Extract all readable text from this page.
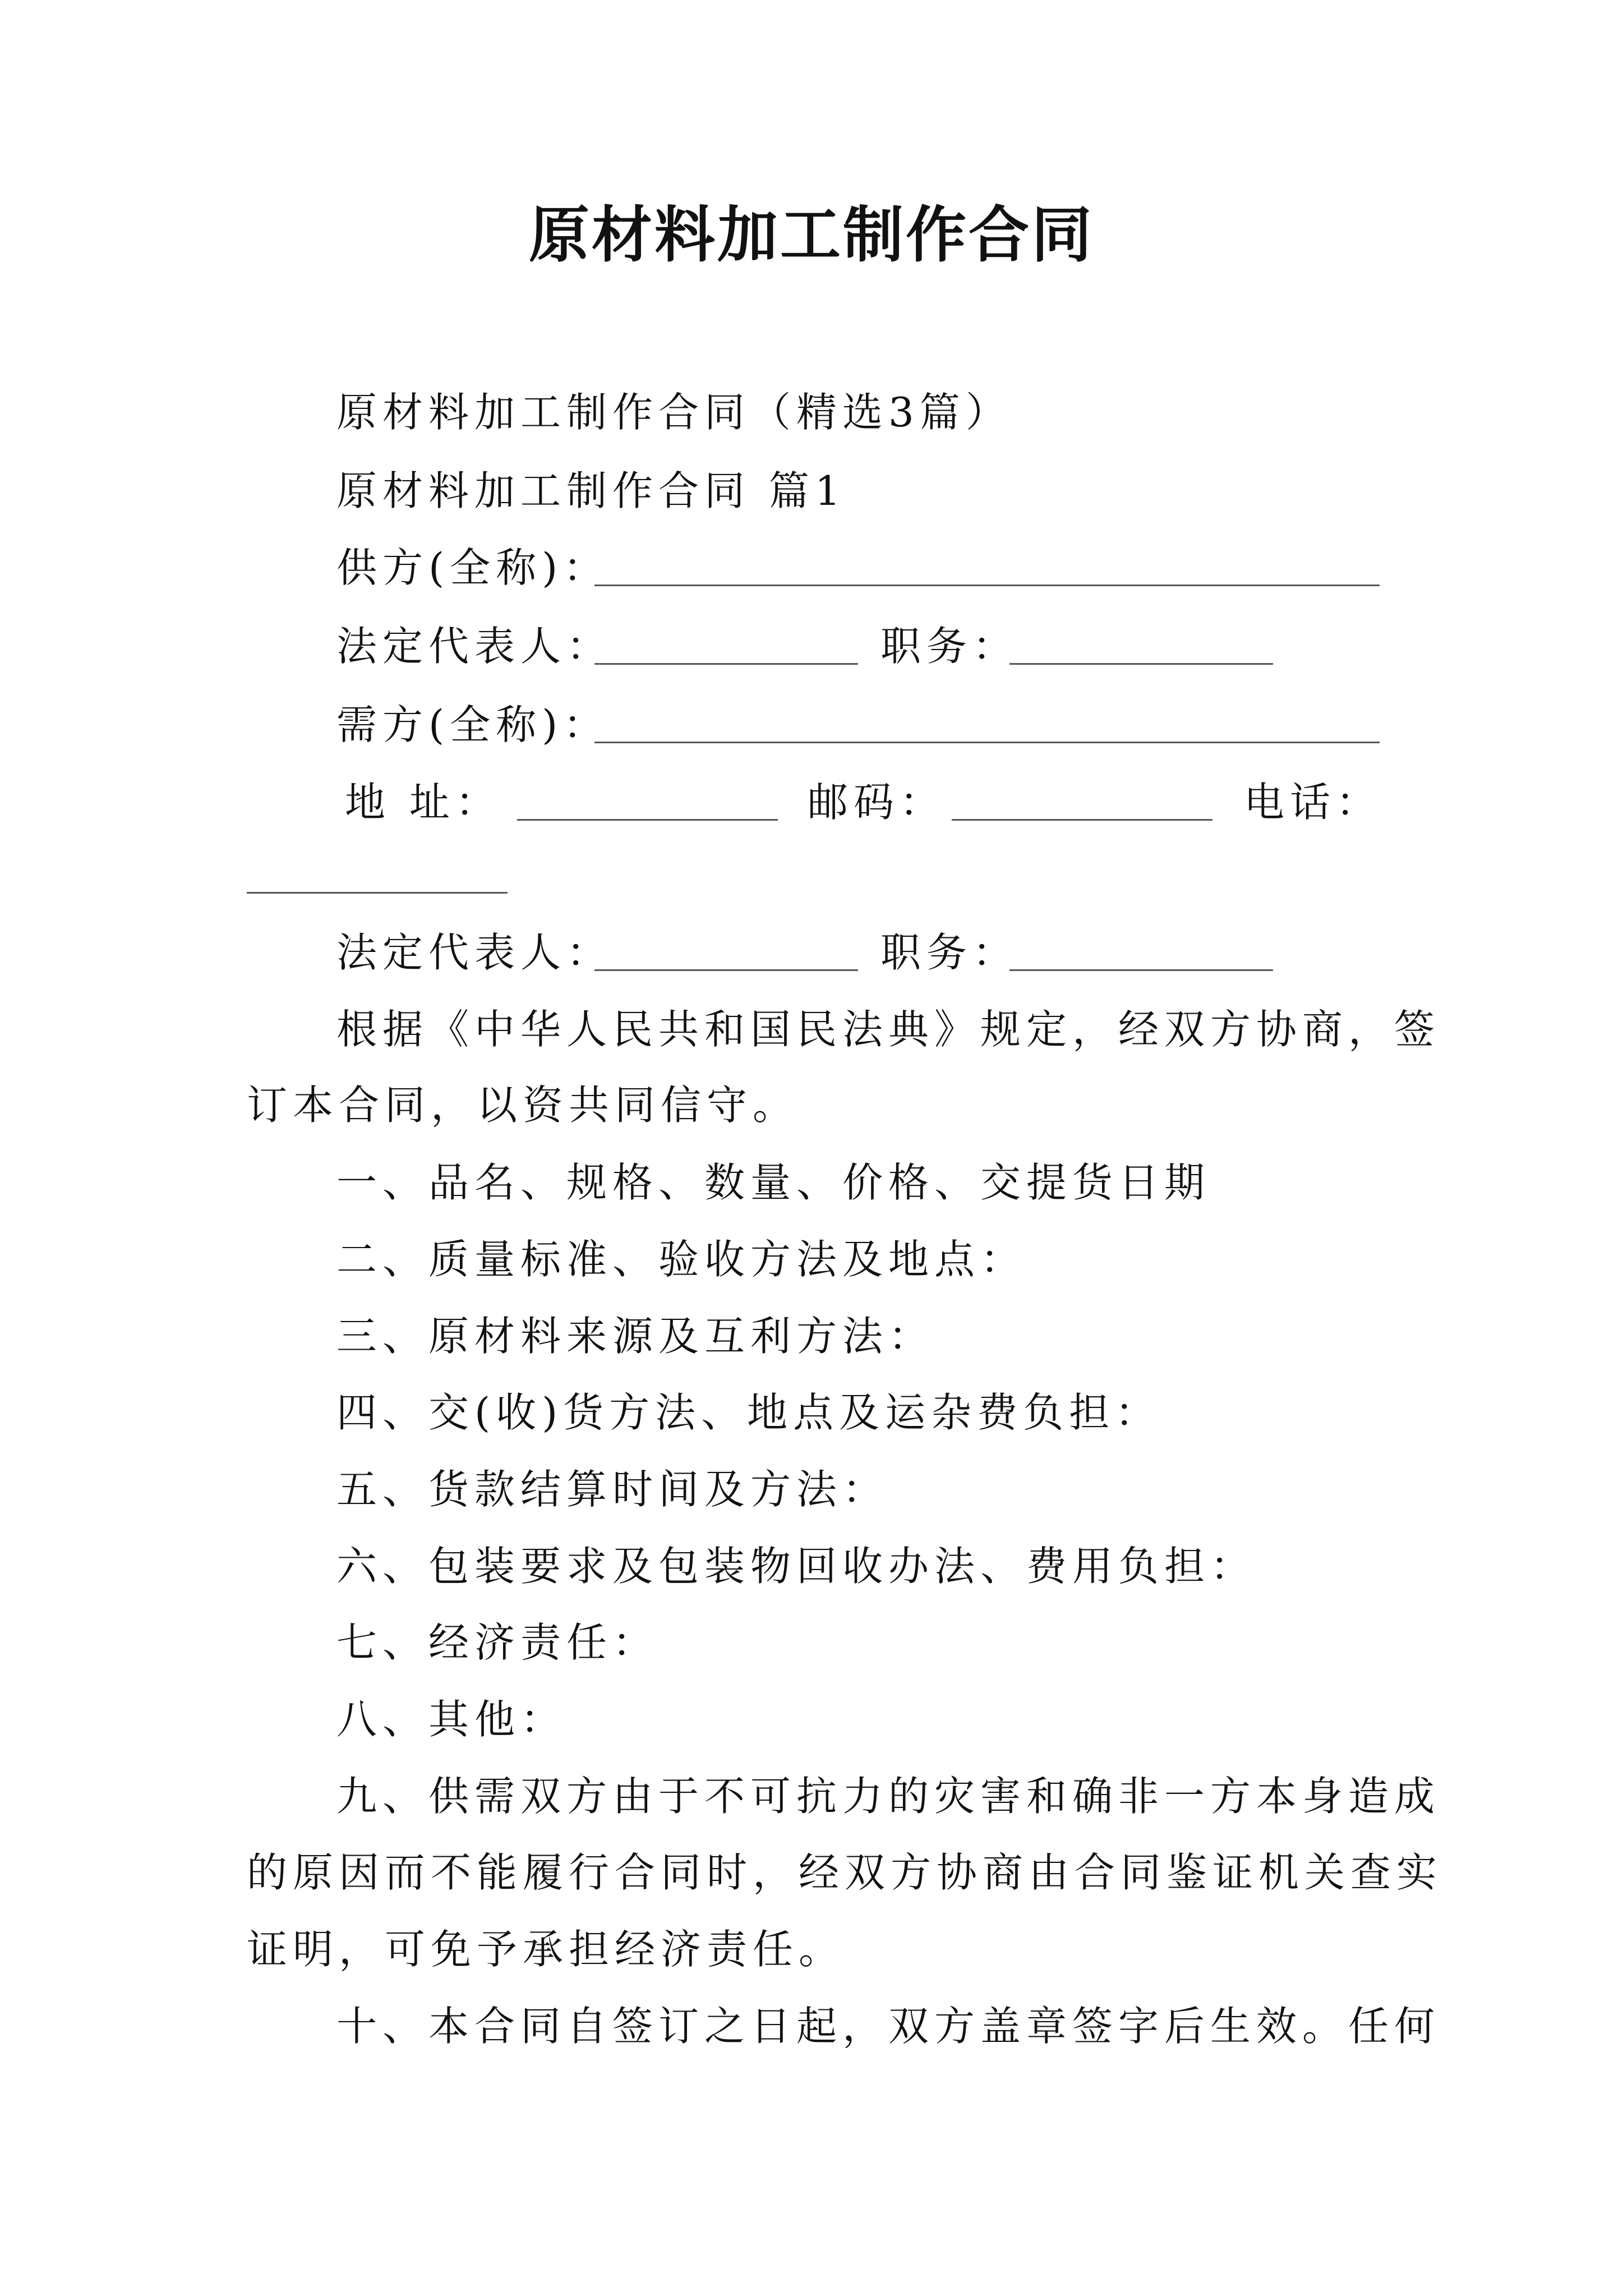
原材料加工制作合同
原材料加工制作合同（精选3篇）
原材料加工制作合同 篇1
供方(全称)：
法定代表人：	职务：
需方(全称)：
地 址：	邮码：	电话：
法定代表人：	职务：
根据《中华人民共和国民法典》规定，经双方协商，签
订本合同，以资共同信守。
一、品名、规格、数量、价格、交提货日期
二、质量标准、验收方法及地点：
三、原材料来源及互利方法：
四、交(收)货方法、地点及运杂费负担：
五、货款结算时间及方法：
六、包装要求及包装物回收办法、费用负担：
七、经济责任：
八、其他：
九、供需双方由于不可抗力的灾害和确非一方本身造成
的原因而不能履行合同时，经双方协商由合同鉴证机关查实
证明，可免予承担经济责任。
十、本合同自签订之日起，双方盖章签字后生效。任何
